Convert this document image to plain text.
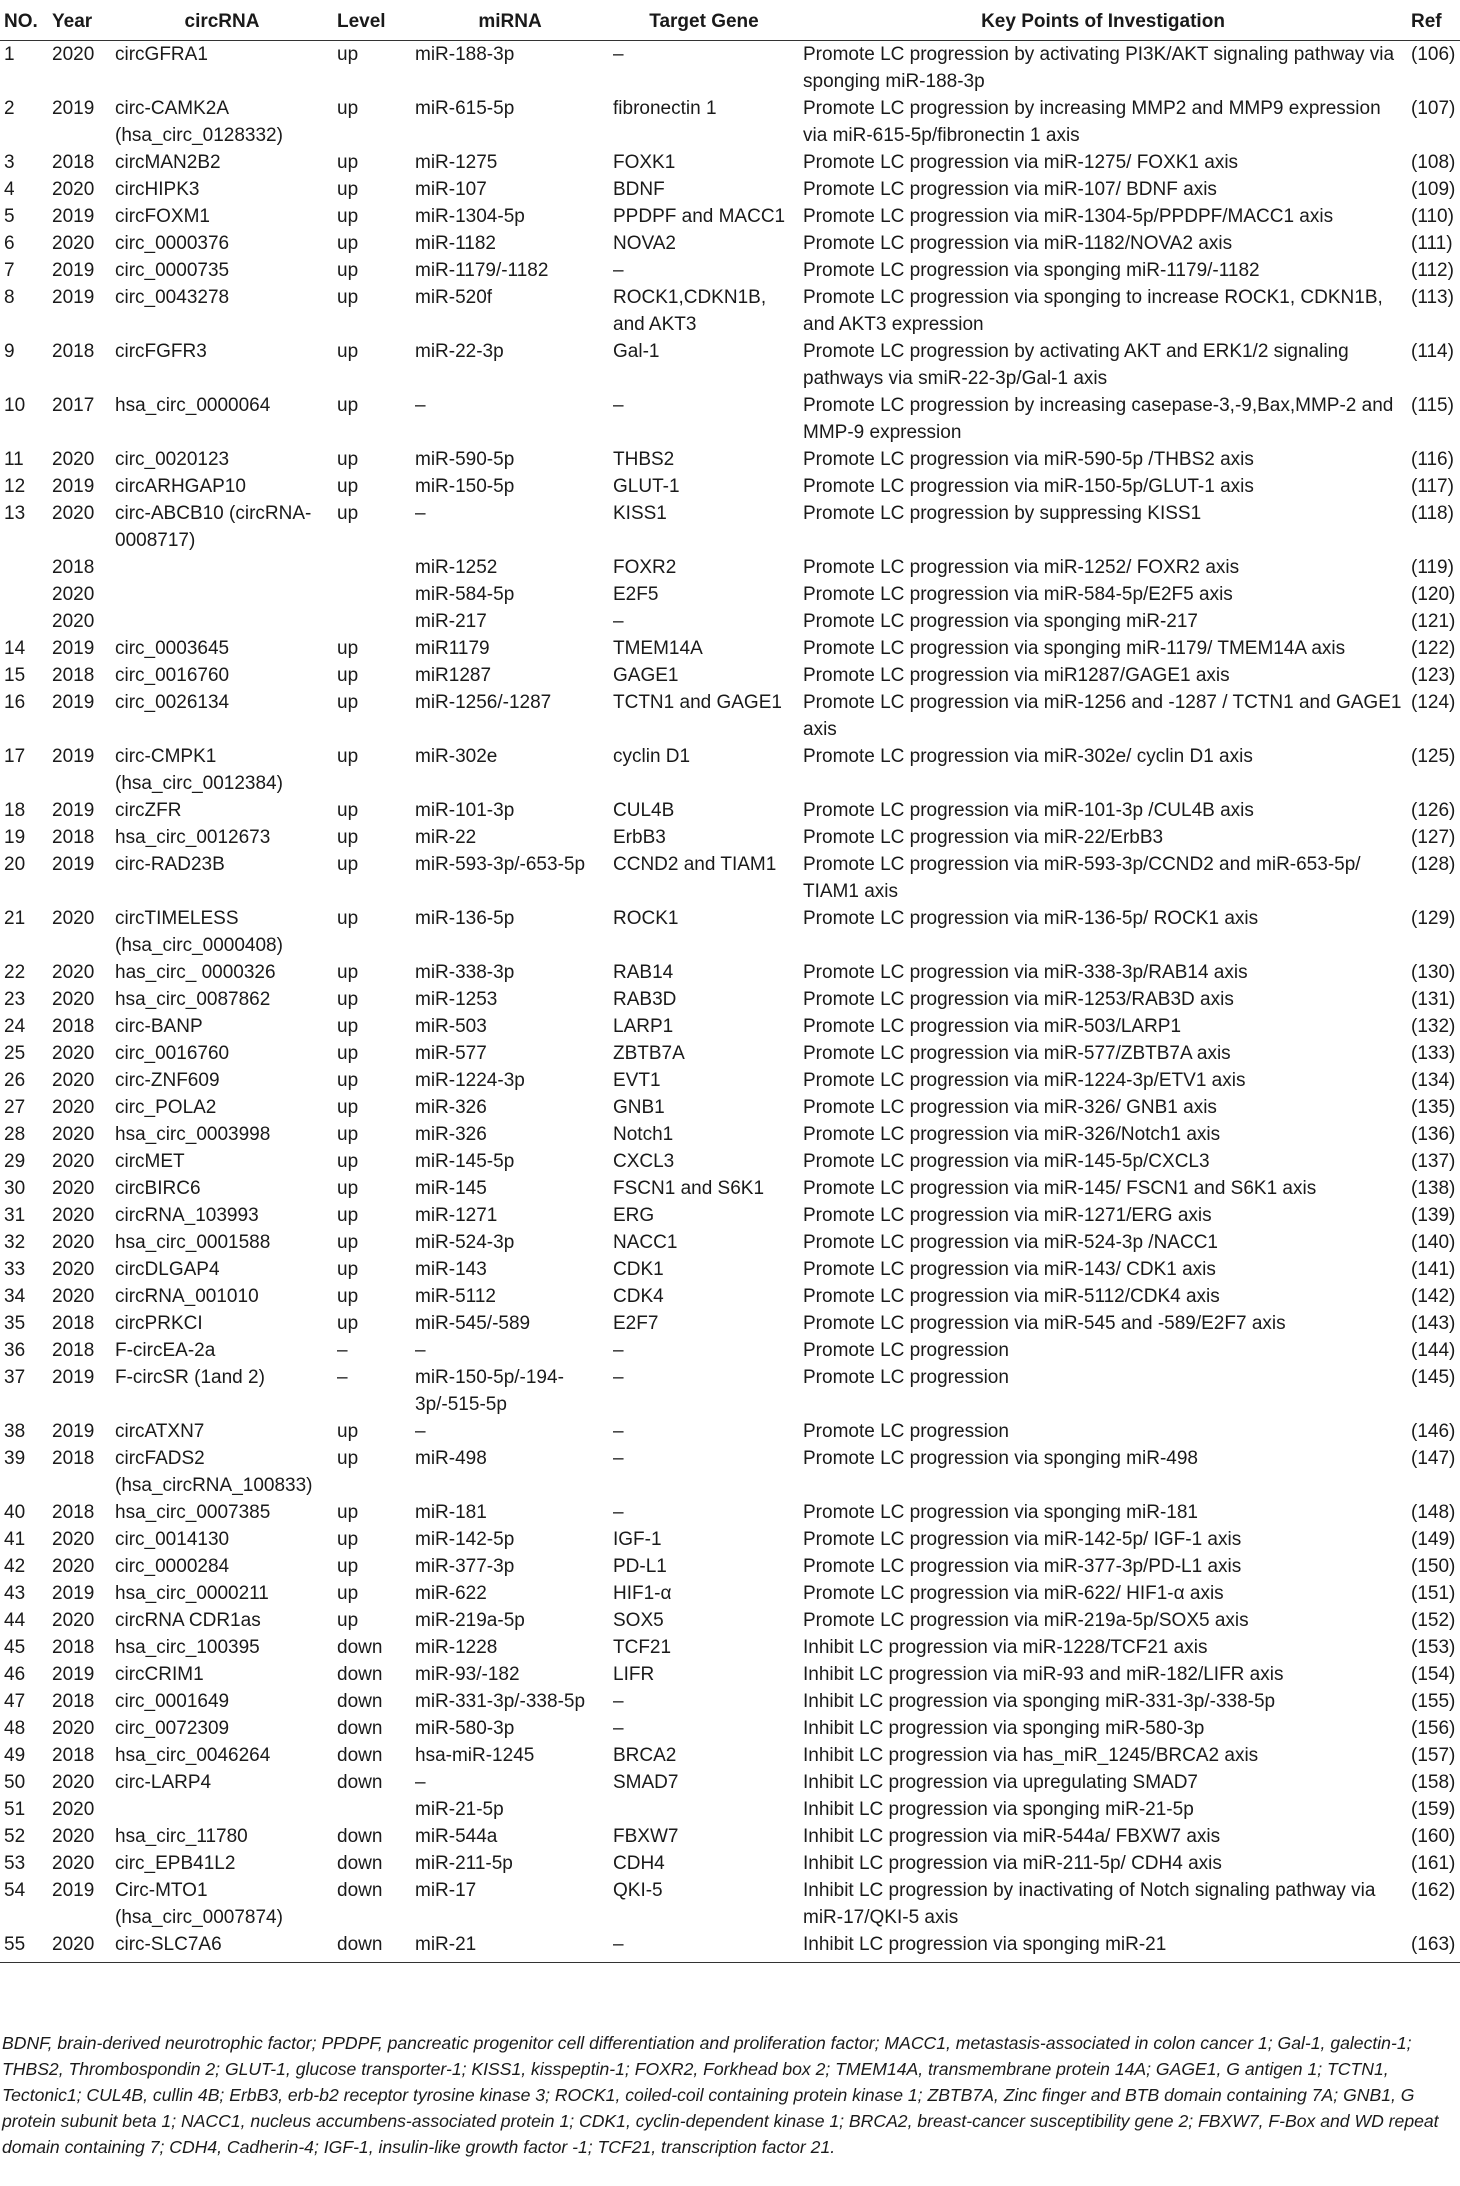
NO.	Year	circRNA	Level	miRNA	Target Gene	Key Points of Investigation	Ref
1	2020	circGFRA1	up	miR-188-3p	–	Promote LC progression by activating PI3K/AKT signaling pathway via sponging miR-188-3p	(106)
2	2019	circ-CAMK2A (hsa_circ_0128332)	up	miR-615-5p	fibronectin 1	Promote LC progression by increasing MMP2 and MMP9 expression via miR-615-5p/fibronectin 1 axis	(107)
3	2018	circMAN2B2	up	miR-1275	FOXK1	Promote LC progression via miR-1275/ FOXK1 axis	(108)
4	2020	circHIPK3	up	miR-107	BDNF	Promote LC progression via miR-107/ BDNF axis	(109)
5	2019	circFOXM1	up	miR-1304-5p	PPDPF and MACC1	Promote LC progression via miR-1304-5p/PPDPF/MACC1 axis	(110)
6	2020	circ_0000376	up	miR-1182	NOVA2	Promote LC progression via miR-1182/NOVA2 axis	(111)
7	2019	circ_0000735	up	miR-1179/-1182	–	Promote LC progression via sponging miR-1179/-1182	(112)
8	2019	circ_0043278	up	miR-520f	ROCK1,CDKN1B, and AKT3	Promote LC progression via sponging to increase ROCK1, CDKN1B, and AKT3 expression	(113)
9	2018	circFGFR3	up	miR-22-3p	Gal-1	Promote LC progression by activating AKT and ERK1/2 signaling pathways via smiR-22-3p/Gal-1 axis	(114)
10	2017	hsa_circ_0000064	up	–	–	Promote LC progression by increasing casepase-3,-9,Bax,MMP-2 and MMP-9 expression	(115)
11	2020	circ_0020123	up	miR-590-5p	THBS2	Promote LC progression via miR-590-5p /THBS2 axis	(116)
12	2019	circARHGAP10	up	miR-150-5p	GLUT-1	Promote LC progression via miR-150-5p/GLUT-1 axis	(117)
13	2020	circ-ABCB10 (circRNA-0008717)	up	–	KISS1	Promote LC progression by suppressing KISS1	(118)
	2018			miR-1252	FOXR2	Promote LC progression via miR-1252/ FOXR2 axis	(119)
	2020			miR-584-5p	E2F5	Promote LC progression via miR-584-5p/E2F5 axis	(120)
	2020			miR-217	–	Promote LC progression via sponging miR-217	(121)
14	2019	circ_0003645	up	miR1179	TMEM14A	Promote LC progression via sponging miR-1179/ TMEM14A axis	(122)
15	2018	circ_0016760	up	miR1287	GAGE1	Promote LC progression via miR1287/GAGE1 axis	(123)
16	2019	circ_0026134	up	miR-1256/-1287	TCTN1 and GAGE1	Promote LC progression via miR-1256 and -1287 / TCTN1 and GAGE1 axis	(124)
17	2019	circ-CMPK1 (hsa_circ_0012384)	up	miR-302e	cyclin D1	Promote LC progression via miR-302e/ cyclin D1 axis	(125)
18	2019	circZFR	up	miR-101-3p	CUL4B	Promote LC progression via miR-101-3p /CUL4B axis	(126)
19	2018	hsa_circ_0012673	up	miR-22	ErbB3	Promote LC progression via miR-22/ErbB3	(127)
20	2019	circ-RAD23B	up	miR-593-3p/-653-5p	CCND2 and TIAM1	Promote LC progression via miR-593-3p/CCND2 and miR-653-5p/ TIAM1 axis	(128)
21	2020	circTIMELESS (hsa_circ_0000408)	up	miR-136-5p	ROCK1	Promote LC progression via miR-136-5p/ ROCK1 axis	(129)
22	2020	has_circ_ 0000326	up	miR-338-3p	RAB14	Promote LC progression via miR-338-3p/RAB14 axis	(130)
23	2020	hsa_circ_0087862	up	miR-1253	RAB3D	Promote LC progression via miR-1253/RAB3D axis	(131)
24	2018	circ-BANP	up	miR-503	LARP1	Promote LC progression via miR-503/LARP1	(132)
25	2020	circ_0016760	up	miR-577	ZBTB7A	Promote LC progression via miR-577/ZBTB7A axis	(133)
26	2020	circ-ZNF609	up	miR-1224-3p	EVT1	Promote LC progression via miR-1224-3p/ETV1 axis	(134)
27	2020	circ_POLA2	up	miR-326	GNB1	Promote LC progression via miR-326/ GNB1 axis	(135)
28	2020	hsa_circ_0003998	up	miR-326	Notch1	Promote LC progression via miR-326/Notch1 axis	(136)
29	2020	circMET	up	miR-145-5p	CXCL3	Promote LC progression via miR-145-5p/CXCL3	(137)
30	2020	circBIRC6	up	miR-145	FSCN1 and S6K1	Promote LC progression via miR-145/ FSCN1 and S6K1 axis	(138)
31	2020	circRNA_103993	up	miR-1271	ERG	Promote LC progression via miR-1271/ERG axis	(139)
32	2020	hsa_circ_0001588	up	miR-524-3p	NACC1	Promote LC progression via miR-524-3p /NACC1	(140)
33	2020	circDLGAP4	up	miR-143	CDK1	Promote LC progression via miR-143/ CDK1 axis	(141)
34	2020	circRNA_001010	up	miR-5112	CDK4	Promote LC progression via miR-5112/CDK4 axis	(142)
35	2018	circPRKCI	up	miR-545/-589	E2F7	Promote LC progression via miR-545 and -589/E2F7 axis	(143)
36	2018	F-circEA-2a	–	–	–	Promote LC progression	(144)
37	2019	F-circSR (1and 2)	–	miR-150-5p/-194- 3p/-515-5p	–	Promote LC progression	(145)
38	2019	circATXN7	up	–	–	Promote LC progression	(146)
39	2018	circFADS2 (hsa_circRNA_100833)	up	miR-498	–	Promote LC progression via sponging miR-498	(147)
40	2018	hsa_circ_0007385	up	miR-181	–	Promote LC progression via sponging miR-181	(148)
41	2020	circ_0014130	up	miR-142-5p	IGF-1	Promote LC progression via miR-142-5p/ IGF-1 axis	(149)
42	2020	circ_0000284	up	miR-377-3p	PD-L1	Promote LC progression via miR-377-3p/PD-L1 axis	(150)
43	2019	hsa_circ_0000211	up	miR-622	HIF1-α	Promote LC progression via miR-622/ HIF1-α axis	(151)
44	2020	circRNA CDR1as	up	miR-219a-5p	SOX5	Promote LC progression via miR-219a-5p/SOX5 axis	(152)
45	2018	hsa_circ_100395	down	miR-1228	TCF21	Inhibit LC progression via miR-1228/TCF21 axis	(153)
46	2019	circCRIM1	down	miR-93/-182	LIFR	Inhibit LC progression via miR-93 and miR-182/LIFR axis	(154)
47	2018	circ_0001649	down	miR-331-3p/-338-5p	–	Inhibit LC progression via sponging miR-331-3p/-338-5p	(155)
48	2020	circ_0072309	down	miR-580-3p	–	Inhibit LC progression via sponging miR-580-3p	(156)
49	2018	hsa_circ_0046264	down	hsa-miR-1245	BRCA2	Inhibit LC progression via has_miR_1245/BRCA2 axis	(157)
50	2020	circ-LARP4	down	–	SMAD7	Inhibit LC progression via upregulating SMAD7	(158)
51	2020			miR-21-5p		Inhibit LC progression via sponging miR-21-5p	(159)
52	2020	hsa_circ_11780	down	miR-544a	FBXW7	Inhibit LC progression via miR-544a/ FBXW7 axis	(160)
53	2020	circ_EPB41L2	down	miR-211-5p	CDH4	Inhibit LC progression via miR-211-5p/ CDH4 axis	(161)
54	2019	Circ-MTO1 (hsa_circ_0007874)	down	miR-17	QKI-5	Inhibit LC progression by inactivating of Notch signaling pathway via miR-17/QKI-5 axis	(162)
55	2020	circ-SLC7A6	down	miR-21	–	Inhibit LC progression via sponging miR-21	(163)
BDNF, brain-derived neurotrophic factor; PPDPF, pancreatic progenitor cell differentiation and proliferation factor; MACC1, metastasis-associated in colon cancer 1; Gal-1, galectin-1; THBS2, Thrombospondin 2; GLUT-1, glucose transporter-1; KISS1, kisspeptin-1; FOXR2, Forkhead box 2; TMEM14A, transmembrane protein 14A; GAGE1, G antigen 1; TCTN1, Tectonic1; CUL4B, cullin 4B; ErbB3, erb-b2 receptor tyrosine kinase 3; ROCK1, coiled-coil containing protein kinase 1; ZBTB7A, Zinc finger and BTB domain containing 7A; GNB1, G protein subunit beta 1; NACC1, nucleus accumbens-associated protein 1; CDK1, cyclin-dependent kinase 1; BRCA2, breast-cancer susceptibility gene 2; FBXW7, F-Box and WD repeat domain containing 7; CDH4, Cadherin-4; IGF-1, insulin-like growth factor -1; TCF21, transcription factor 21.
